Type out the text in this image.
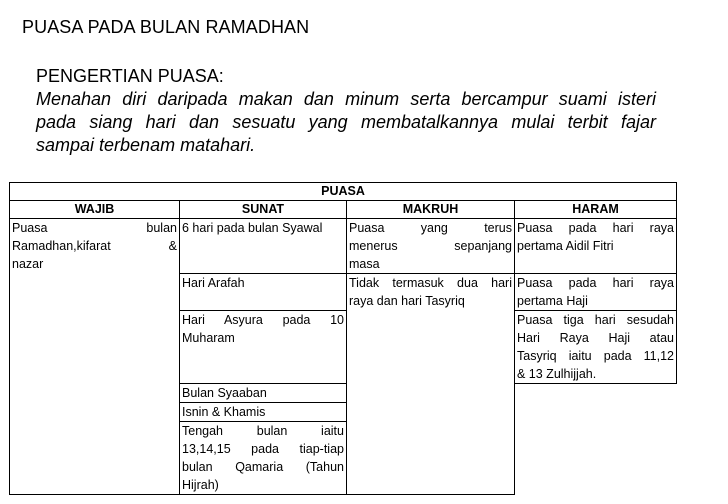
PUASA PADA BULAN RAMADHAN
PENGERTIAN PUASA:
Menahan diri daripada makan dan minum serta bercampur suami isteri
pada siang hari dan sesuatu yang membatalkannya mulai terbit fajar
sampai terbenam matahari.
PUASA			
WAJIB	SUNAT	MAKRUH	HARAM

Puasa bulan
Ramadhan,kifarat &
nazar	6 hari pada bulan Syawal	Puasa yang terus
menerus sepanjang
masa	Puasa pada hari raya
pertama Aidil Fitri

	Hari Arafah	Tidak termasuk dua hari
raya dan hari Tasyriq	Puasa pada hari raya
pertama Haji

	Hari Asyura pada 10
Muharam		Puasa tiga hari sesudah
Hari Raya Haji atau
Tasyriq iaitu pada 11,12
& 13 Zulhijjah.

	Bulan Syaaban		

	Isnin & Khamis		

	Tengah bulan iaitu
13,14,15 pada tiap-tiap
bulan Qamaria (Tahun
Hijrah)		
